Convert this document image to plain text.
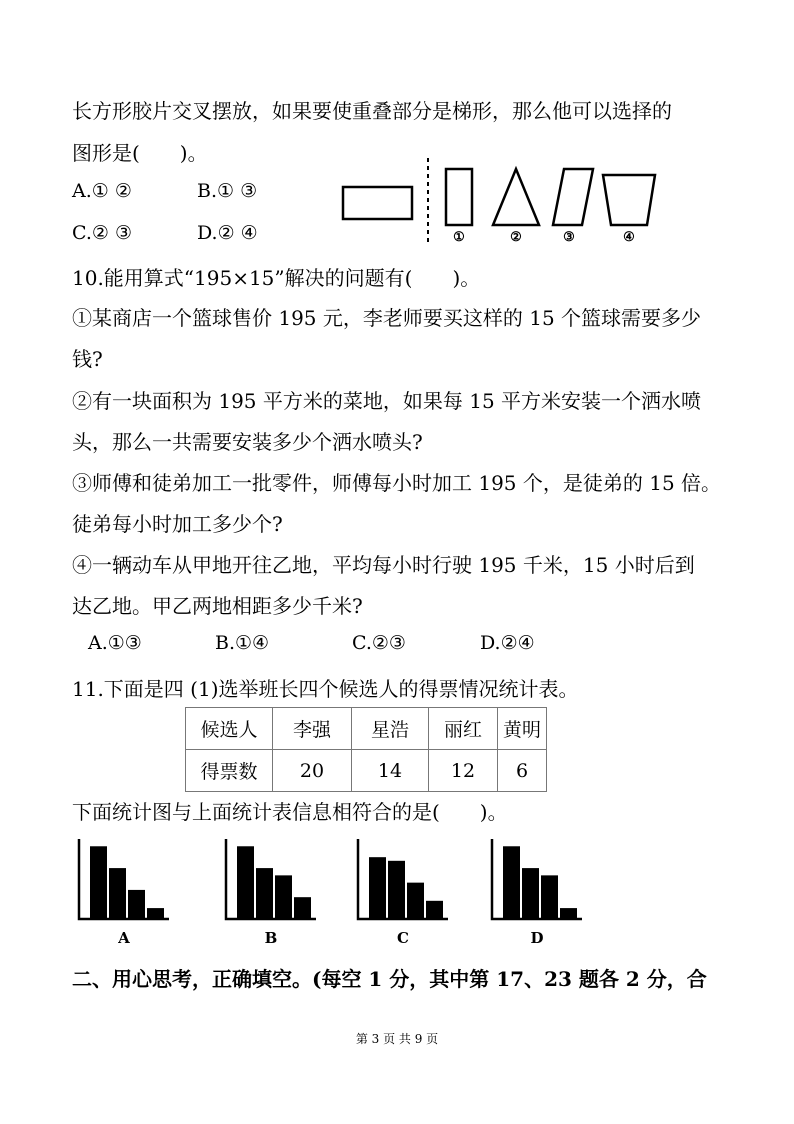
长方形胶片交叉摆放，如果要使重叠部分是梯形，那么他可以选择的
图形是(　　)。
A.① ②	B.① ③
C.② ③	D.② ④	①	②	③	④
10.能用算式“195×15”解决的问题有(　　)。
①某商店一个篮球售价 195 元，李老师要买这样的 15 个篮球需要多少
钱?
②有一块面积为 195 平方米的菜地，如果每 15 平方米安装一个洒水喷
头，那么一共需要安装多少个洒水喷头?
③师傅和徒弟加工一批零件，师傅每小时加工 195 个，是徒弟的 15 倍。
徒弟每小时加工多少个?
④一辆动车从甲地开往乙地，平均每小时行驶 195 千米，15 小时后到
达乙地。甲乙两地相距多少千米?
A.①③	B.①④	C.②③	D.②④
11.下面是四 (1)选举班长四个候选人的得票情况统计表。
候选人	李强	星浩	丽红	黄明
得票数	20	14	12	6
下面统计图与上面统计表信息相符合的是(　　)。
A	B	C	D
二、用心思考，正确填空。(每空 1 分，其中第 17、23 题各 2 分，合
第 3 页 共 9 页
